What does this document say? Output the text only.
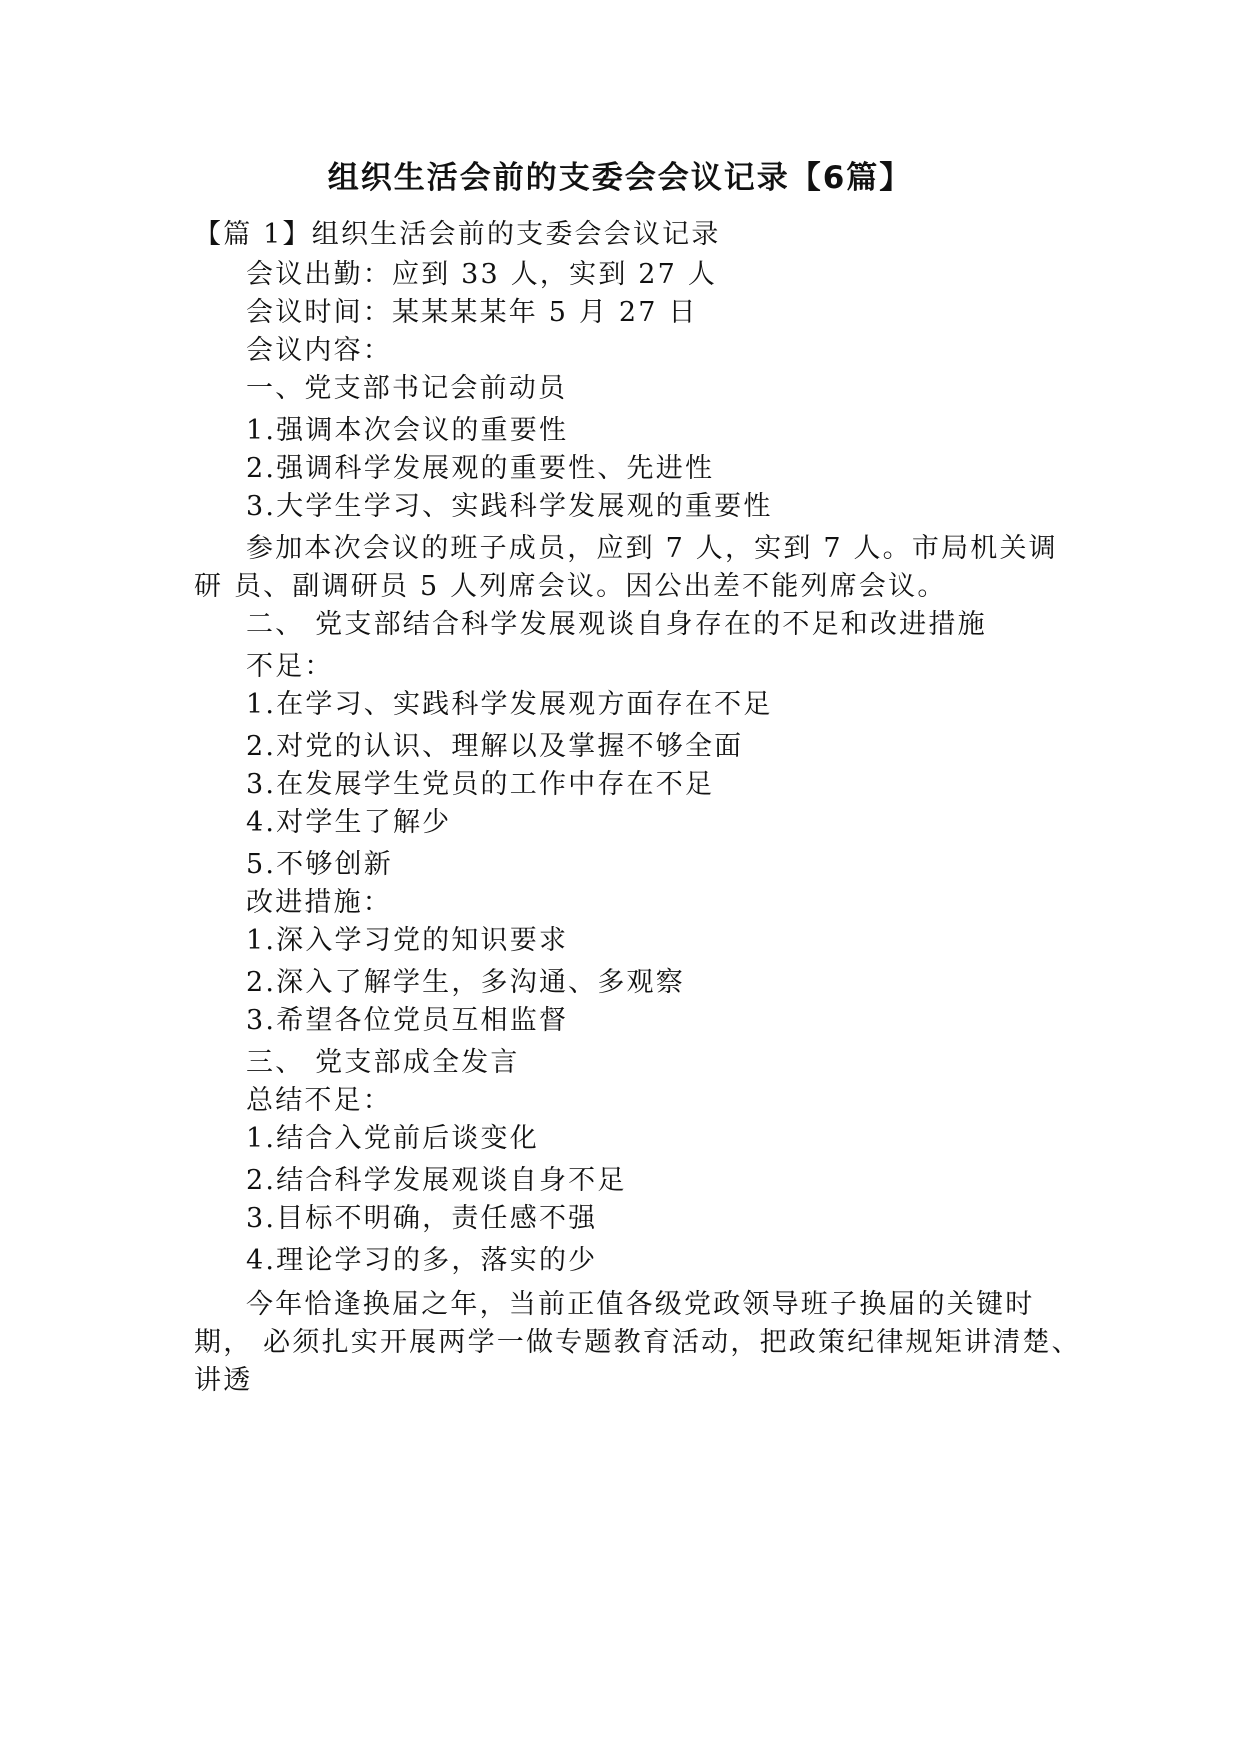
组织生活会前的支委会会议记录【6篇】

【篇 1】组织生活会前的支委会会议记录

会议出勤：应到 33 人，实到 27 人

会议时间：某某某某年 5 月 27 日

会议内容：

一、党支部书记会前动员

1.强调本次会议的重要性

2.强调科学发展观的重要性、先进性

3.大学生学习、实践科学发展观的重要性

参加本次会议的班子成员，应到 7 人，实到 7 人。市局机关调

研 员、副调研员 5 人列席会议。因公出差不能列席会议。

二、 党支部结合科学发展观谈自身存在的不足和改进措施

不足：

1.在学习、实践科学发展观方面存在不足

2.对党的认识、理解以及掌握不够全面

3.在发展学生党员的工作中存在不足

4.对学生了解少

5.不够创新

改进措施：

1.深入学习党的知识要求

2.深入了解学生，多沟通、多观察

3.希望各位党员互相监督

三、 党支部成全发言

总结不足：

1.结合入党前后谈变化

2.结合科学发展观谈自身不足

3.目标不明确，责任感不强

4.理论学习的多，落实的少

今年恰逢换届之年，当前正值各级党政领导班子换届的关键时

期， 必须扎实开展两学一做专题教育活动，把政策纪律规矩讲清楚、

讲透
